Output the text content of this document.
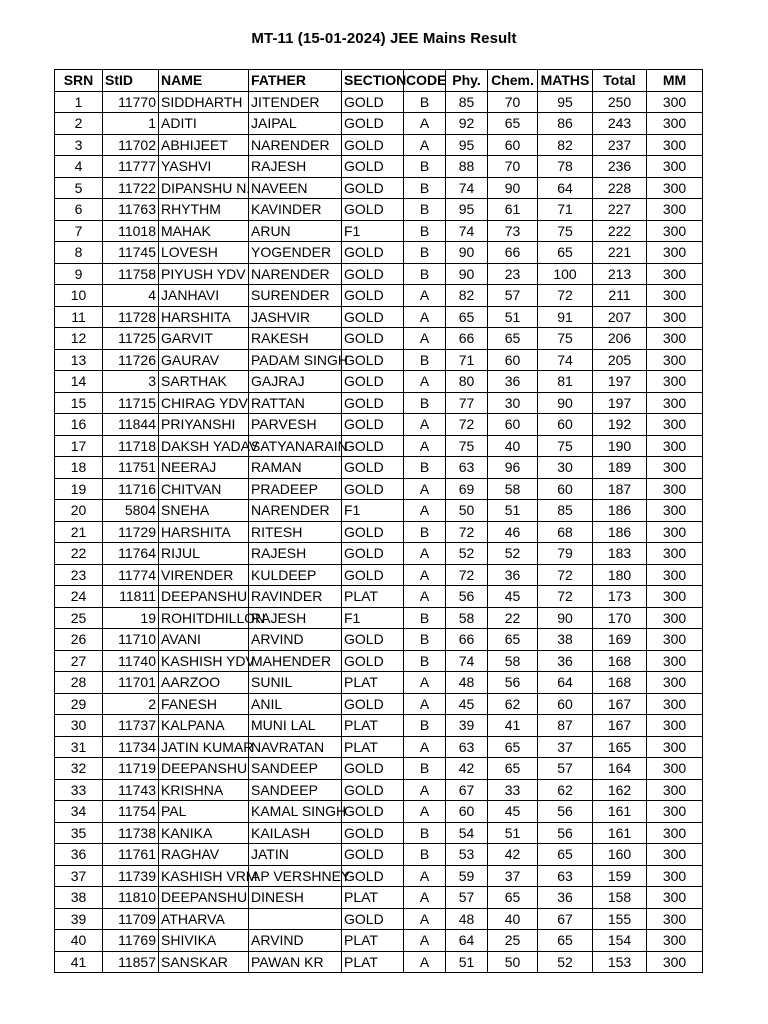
MT-11 (15-01-2024) JEE Mains Result
SRN	StID	NAME	FATHER	SECTION	CODE	Phy.	Chem.	MATHS	Total	MM
1	11770	SIDDHARTH	JITENDER	GOLD	B	85	70	95	250	300
2	1	ADITI	JAIPAL	GOLD	A	92	65	86	243	300
3	11702	ABHIJEET	NARENDER	GOLD	A	95	60	82	237	300
4	11777	YASHVI	RAJESH	GOLD	B	88	70	78	236	300
5	11722	DIPANSHU N.	NAVEEN	GOLD	B	74	90	64	228	300
6	11763	RHYTHM	KAVINDER	GOLD	B	95	61	71	227	300
7	11018	MAHAK	ARUN	F1	B	74	73	75	222	300
8	11745	LOVESH	YOGENDER	GOLD	B	90	66	65	221	300
9	11758	PIYUSH YDV	NARENDER	GOLD	B	90	23	100	213	300
10	4	JANHAVI	SURENDER	GOLD	A	82	57	72	211	300
11	11728	HARSHITA	JASHVIR	GOLD	A	65	51	91	207	300
12	11725	GARVIT	RAKESH	GOLD	A	66	65	75	206	300
13	11726	GAURAV	PADAM SINGH	GOLD	B	71	60	74	205	300
14	3	SARTHAK	GAJRAJ	GOLD	A	80	36	81	197	300
15	11715	CHIRAG YDV	RATTAN	GOLD	B	77	30	90	197	300
16	11844	PRIYANSHI	PARVESH	GOLD	A	72	60	60	192	300
17	11718	DAKSH YADAV	SATYANARAIN	GOLD	A	75	40	75	190	300
18	11751	NEERAJ	RAMAN	GOLD	B	63	96	30	189	300
19	11716	CHITVAN	PRADEEP	GOLD	A	69	58	60	187	300
20	5804	SNEHA	NARENDER	F1	A	50	51	85	186	300
21	11729	HARSHITA	RITESH	GOLD	B	72	46	68	186	300
22	11764	RIJUL	RAJESH	GOLD	A	52	52	79	183	300
23	11774	VIRENDER	KULDEEP	GOLD	A	72	36	72	180	300
24	11811	DEEPANSHU	RAVINDER	PLAT	A	56	45	72	173	300
25	19	ROHITDHILLON	RAJESH	F1	B	58	22	90	170	300
26	11710	AVANI	ARVIND	GOLD	B	66	65	38	169	300
27	11740	KASHISH YDV	MAHENDER	GOLD	B	74	58	36	168	300
28	11701	AARZOO	SUNIL	PLAT	A	48	56	64	168	300
29	2	FANESH	ANIL	GOLD	A	45	62	60	167	300
30	11737	KALPANA	MUNI LAL	PLAT	B	39	41	87	167	300
31	11734	JATIN KUMAR	NAVRATAN	PLAT	A	63	65	37	165	300
32	11719	DEEPANSHU	SANDEEP	GOLD	B	42	65	57	164	300
33	11743	KRISHNA	SANDEEP	GOLD	A	67	33	62	162	300
34	11754	PAL	KAMAL SINGH	GOLD	A	60	45	56	161	300
35	11738	KANIKA	KAILASH	GOLD	B	54	51	56	161	300
36	11761	RAGHAV	JATIN	GOLD	B	53	42	65	160	300
37	11739	KASHISH VRM	AP VERSHNEY	GOLD	A	59	37	63	159	300
38	11810	DEEPANSHU	DINESH	PLAT	A	57	65	36	158	300
39	11709	ATHARVA		GOLD	A	48	40	67	155	300
40	11769	SHIVIKA	ARVIND	PLAT	A	64	25	65	154	300
41	11857	SANSKAR	PAWAN KR	PLAT	A	51	50	52	153	300
